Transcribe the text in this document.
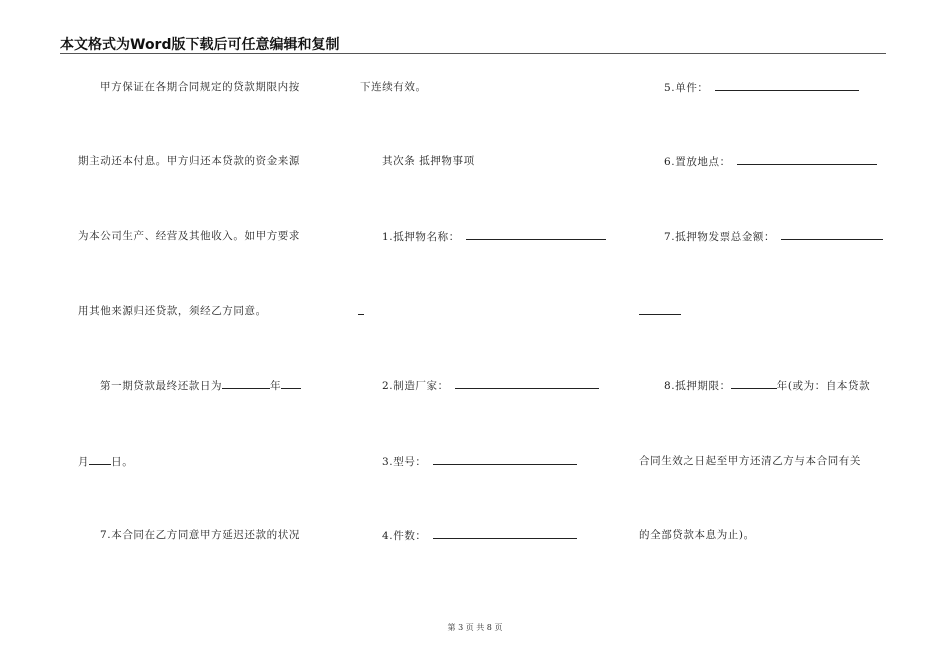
本文格式为Word版下载后可任意编辑和复制
甲方保证在各期合同规定的贷款期限内按
期主动还本付息。甲方归还本贷款的资金来源
为本公司生产、经营及其他收入。如甲方要求
用其他来源归还贷款，须经乙方同意。
第一期贷款最终还款日为	年
月 日。
7.本合同在乙方同意甲方延迟还款的状况
下连续有效。
其次条 抵押物事项
1.抵押物名称：
2.制造厂家：
3.型号：
4.件数：
5.单件：
6.置放地点：
7.抵押物发票总金额：
8.抵押期限：	年(或为：自本贷款
合同生效之日起至甲方还清乙方与本合同有关
的全部贷款本息为止)。
第 3 页 共 8 页
